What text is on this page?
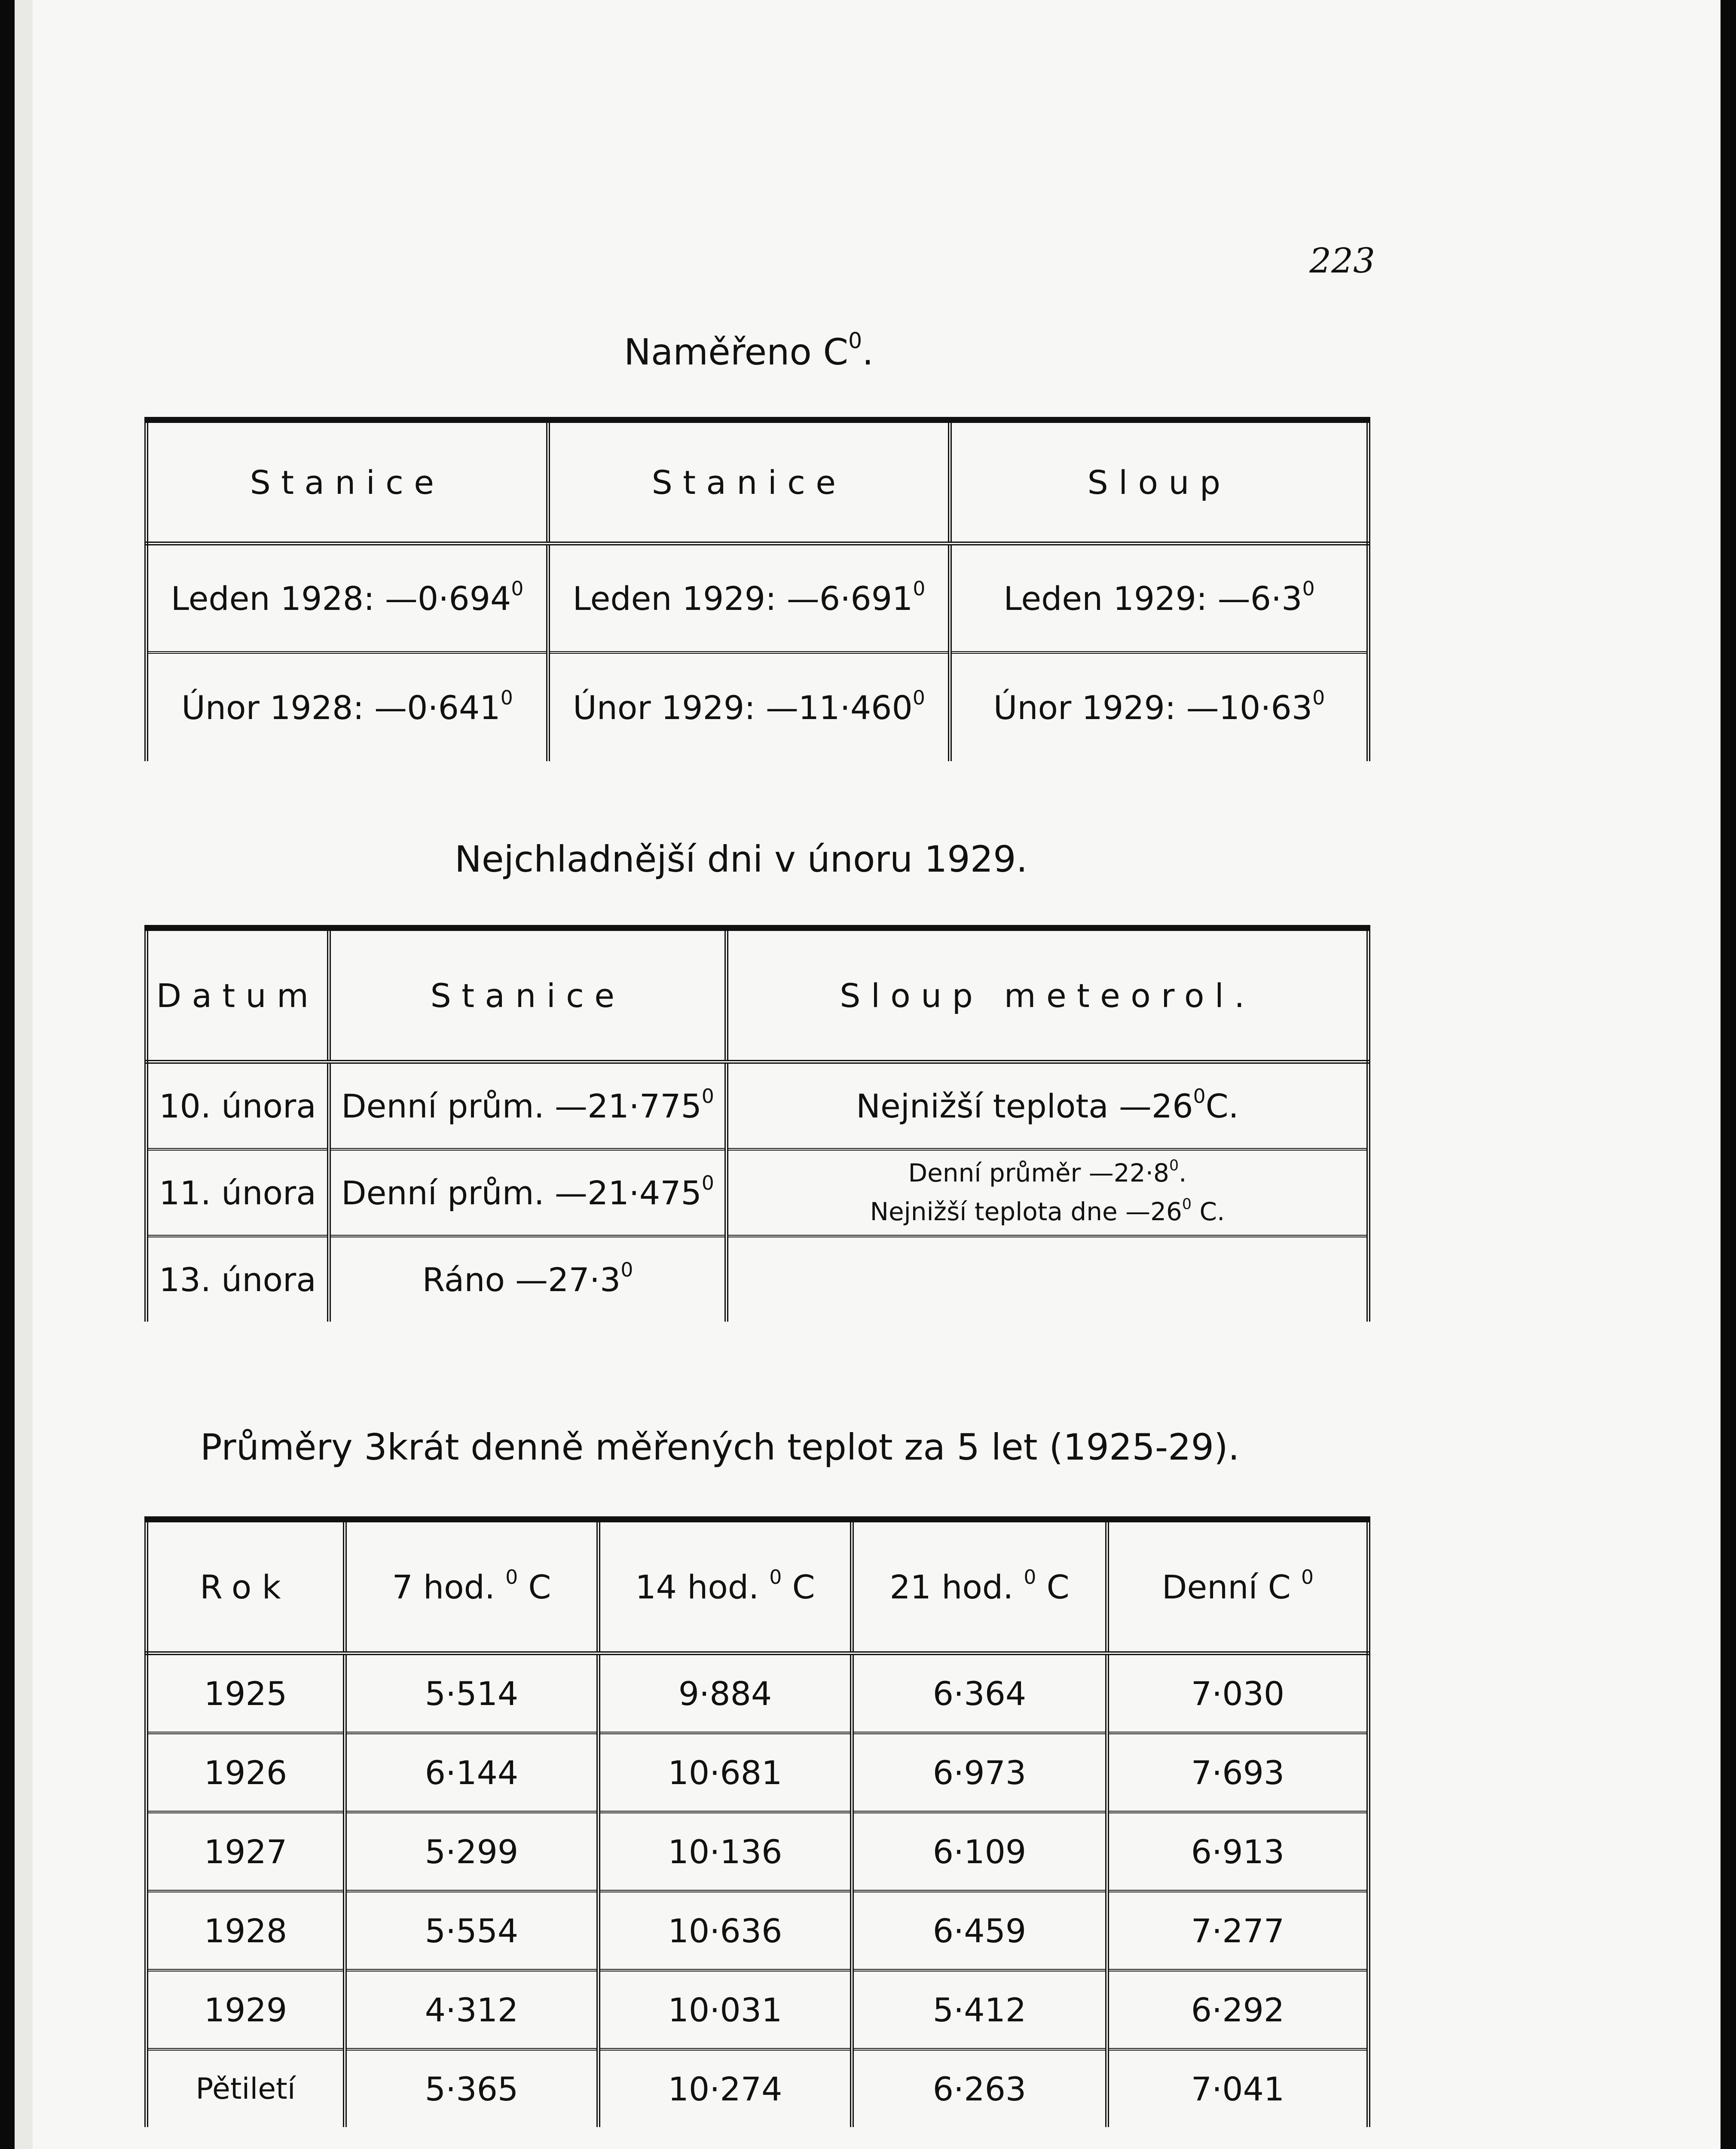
223
Naměřeno $C^0$.
Stanice	Stanice	Sloup
Leden 1928: $—0\cdot 694^0$	Leden 1929: $—6\cdot 691^0$	Leden 1929: $—6\cdot 3^0$
Únor 1928: $—0\cdot 641^0$	Únor 1929: $—11\cdot 460^0$	Únor 1929: $—10\cdot 63^0$
Nejchladnější dni v únoru 1929.
Datum	Stanice	Sloup meteorol.
10. února	Denní prům. $—21\cdot 775^0$	Nejnižší teplota $—26^0C$.
11. února	Denní prům. $—21\cdot 475^0$	Denní průměr $—22\cdot 8^0$.
Nejnižší teplota dne $—26^0$ C.

13. února	Ráno $—27\cdot 3^0$	
Průměry 3krát denně měřených teplot za 5 let (1925-29).
Rok	7 hod. $^0$ C	14 hod. $^0$ C	21 hod. $^0$ C	Denní C $^0$
1925	5·514	9·884	6·364	7·030
1926	6·144	10·681	6·973	7·693
1927	5·299	10·136	6·109	6·913
1928	5·554	10·636	6·459	7·277
1929	4·312	10·031	5·412	6·292
Pětiletí	5·365	10·274	6·263	7·041
